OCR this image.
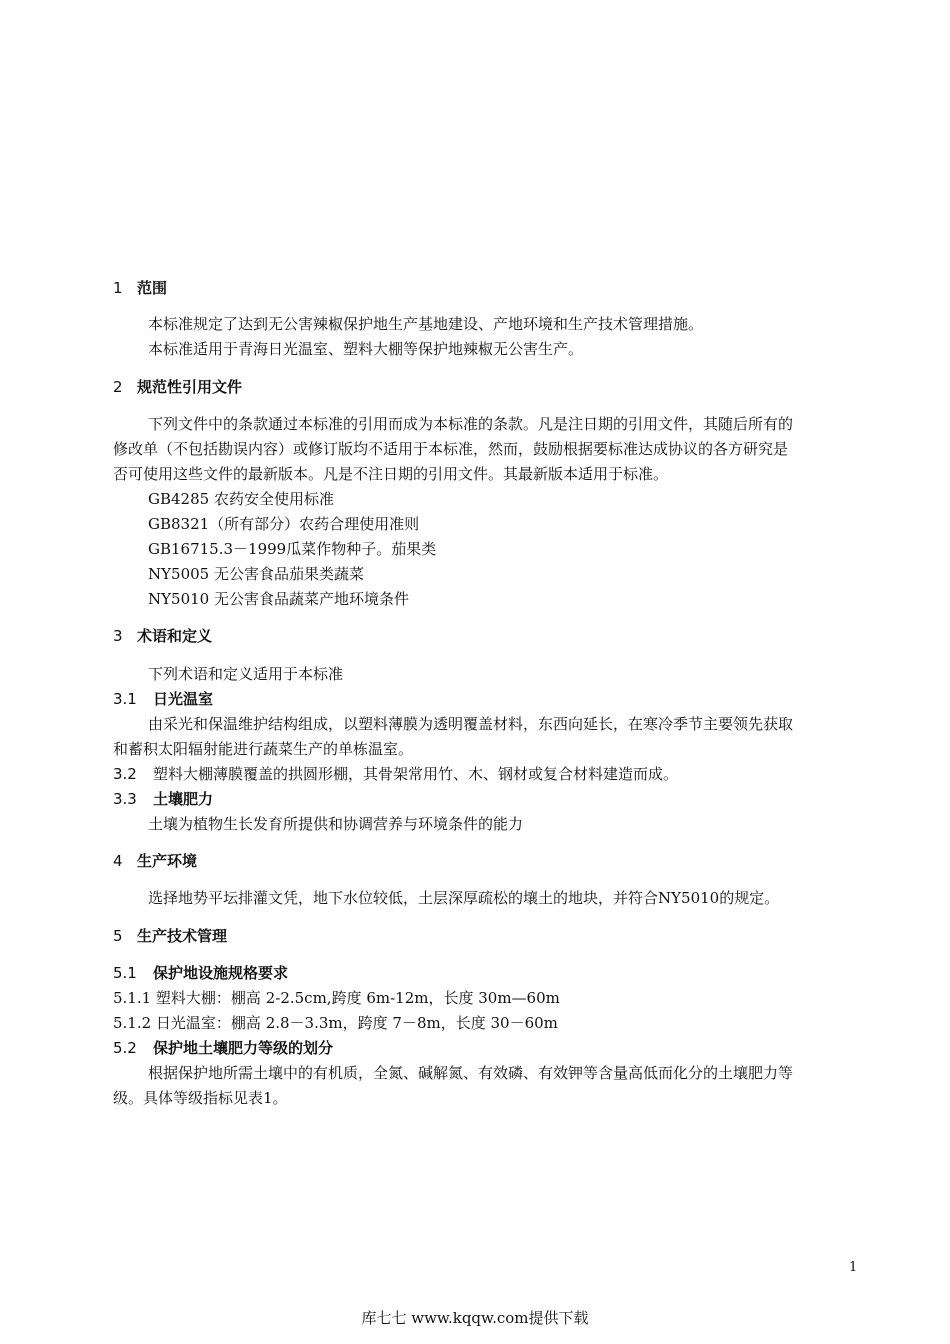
1 范围
本标准规定了达到无公害辣椒保护地生产基地建设、产地环境和生产技术管理措施。
本标准适用于青海日光温室、塑料大棚等保护地辣椒无公害生产。
2 规范性引用文件
下列文件中的条款通过本标准的引用而成为本标准的条款。凡是注日期的引用文件，其随后所有的
修改单（不包括勘误内容）或修订版均不适用于本标准，然而，鼓励根据要标准达成协议的各方研究是
否可使用这些文件的最新版本。凡是不注日期的引用文件。其最新版本适用于标准。
GB4285 农药安全使用标准
GB8321（所有部分）农药合理使用准则
GB16715.3－1999瓜菜作物种子。茄果类
NY5005 无公害食品茄果类蔬菜
NY5010 无公害食品蔬菜产地环境条件
3 术语和定义
下列术语和定义适用于本标准
3.1 日光温室
由采光和保温维护结构组成，以塑料薄膜为透明覆盖材料，东西向延长，在寒冷季节主要领先获取
和蓄积太阳辐射能进行蔬菜生产的单栋温室。
3.2 塑料大棚薄膜覆盖的拱圆形棚，其骨架常用竹、木、钢材或复合材料建造而成。
3.3 土壤肥力
土壤为植物生长发育所提供和协调营养与环境条件的能力
4 生产环境
选择地势平坛排灌文凭，地下水位较低，土层深厚疏松的壤土的地块，并符合NY5010的规定。
5 生产技术管理
5.1 保护地设施规格要求
5.1.1 塑料大棚：棚高 2-2.5cm,跨度 6m-12m，长度 30m—60m
5.1.2 日光温室：棚高 2.8－3.3m，跨度 7－8m，长度 30－60m
5.2 保护地土壤肥力等级的划分
根据保护地所需土壤中的有机质，全氮、碱解氮、有效磷、有效钾等含量高低而化分的土壤肥力等
级。具体等级指标见表1。
1
库七七 www.kqqw.com提供下载
